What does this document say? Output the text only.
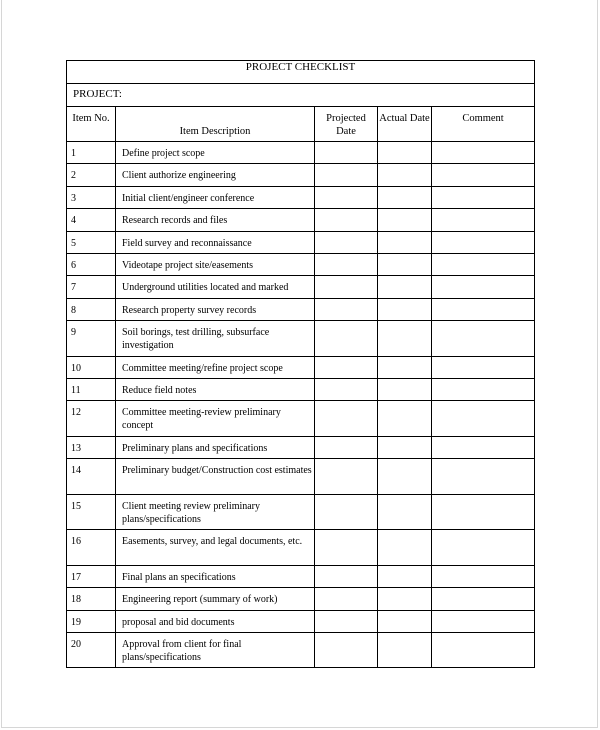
PROJECT CHECKLIST				
PROJECT:				
Item No.	Item Description	Projected Date	Actual Date	Comment
1	Define project scope			
2	Client authorize engineering			
3	Initial client/engineer conference			
4	Research records and files			
5	Field survey and reconnaissance			
6	Videotape project site/easements			
7	Underground utilities located and marked			
8	Research property survey records			
9	Soil borings, test drilling, subsurface investigation			
10	Committee meeting/refine project scope			
11	Reduce field notes			
12	Committee meeting-review preliminary concept			
13	Preliminary plans and specifications			
14	Preliminary budget/Construction cost estimates			
15	Client meeting review preliminary plans/specifications			
16	Easements, survey, and legal documents, etc.			
17	Final plans an specifications			
18	Engineering report (summary of work)			
19	proposal and bid documents			
20	Approval from client for final plans/specifications			
